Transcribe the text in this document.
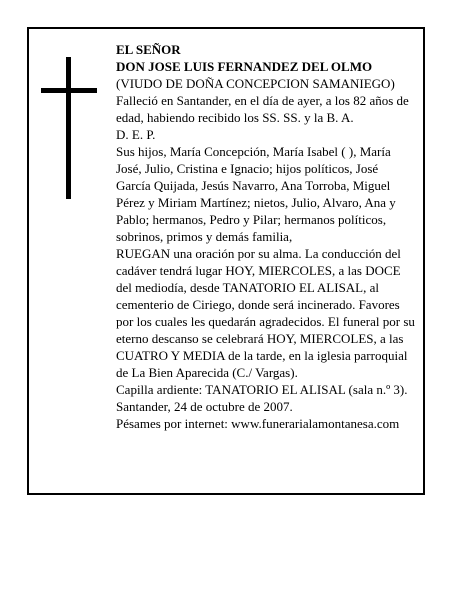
EL SEÑOR

DON JOSE LUIS FERNANDEZ DEL OLMO

(VIUDO DE DOÑA CONCEPCION SAMANIEGO)

Falleció en Santander, en el día de ayer, a los 82 años de edad, habiendo recibido los SS. SS. y la B. A.

D. E. P.

Sus hijos, María Concepción, María Isabel ( ), María José, Julio, Cristina e Ignacio; hijos políticos, José García Quijada, Jesús Navarro, Ana Torroba, Miguel Pérez y Miriam Martínez; nietos, Julio, Alvaro, Ana y Pablo; hermanos, Pedro y Pilar; hermanos políticos, sobrinos, primos y demás familia,

RUEGAN una oración por su alma. La conducción del cadáver tendrá lugar HOY, MIERCOLES, a las DOCE del mediodía, desde TANATORIO EL ALISAL, al cementerio de Ciriego, donde será incinerado. Favores por los cuales les quedarán agradecidos. El funeral por su eterno descanso se celebrará HOY, MIERCOLES, a las CUATRO Y MEDIA de la tarde, en la iglesia parroquial de La Bien Aparecida (C./ Vargas).

Capilla ardiente: TANATORIO EL ALISAL (sala n.º 3).

Santander, 24 de octubre de 2007.

Pésames por internet: www.funerarialamontanesa.com
